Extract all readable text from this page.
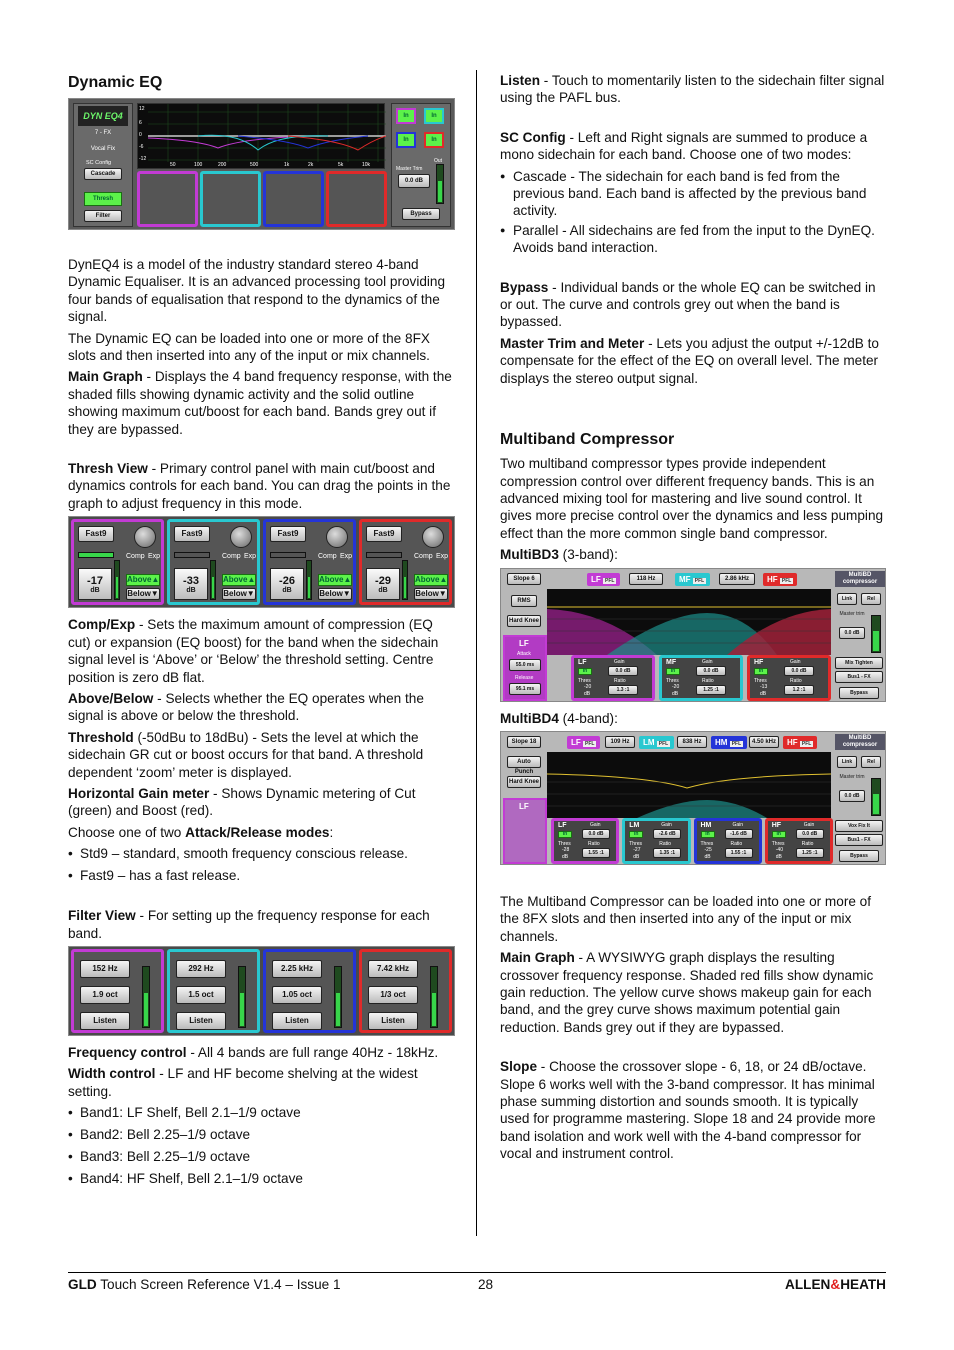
Dynamic EQ
DYN EQ4
7 - FX
Vocal Fix
SC Config
Cascade
Thresh
Filter
12
6
0
-6
-12
50	100	200	500	1k	2k	5k	10k
In	In
In	In
Out
Master Trim
0.0 dB
Bypass

DynEQ4 is a model of the industry standard stereo 4-band Dynamic Equaliser. It is an advanced processing tool providing four bands of equalisation that respond to the dynamics of the signal.

The Dynamic EQ can be loaded into one or more of the 8FX slots and then inserted into any of the input or mix channels.

Main Graph - Displays the 4 band frequency response, with the shaded fills showing dynamic activity and the solid outline showing maximum cut/boost for each band. Bands grey out if they are bypassed.

Thresh View - Primary control panel with main cut/boost and dynamics controls for each band. You can drag the points in the graph to adjust frequency in this mode.

Fast9
Comp Exp
-17
dB
Above▲
Below▼
Fast9
Comp Exp
-33
dB
Above▲
Below▼
Fast9
Comp Exp
-26
dB
Above▲
Below▼
Fast9
Comp Exp
-29
dB
Above▲
Below▼

Comp/Exp - Sets the maximum amount of compression (EQ cut) or expansion (EQ boost) for the band when the sidechain signal level is ‘Above’ or ‘Below’ the threshold setting. Centre position is zero dB flat.

Above/Below - Selects whether the EQ operates when the signal is above or below the threshold.

Threshold (-50dBu to 18dBu) - Sets the level at which the sidechain GR cut or boost occurs for that band. A threshold dependent ‘zoom’ meter is displayed.

Horizontal Gain meter - Shows Dynamic metering of Cut (green) and Boost (red).

Choose one of two Attack/Release modes:

• Std9 – standard, smooth frequency conscious release.
• Fast9 – has a fast release.

Filter View - For setting up the frequency response for each band.

152 Hz
1.9 oct
Listen
292 Hz
1.5 oct
Listen
2.25 kHz
1.05 oct
Listen
7.42 kHz
1/3 oct
Listen

Frequency control - All 4 bands are full range 40Hz - 18kHz.

Width control - LF and HF become shelving at the widest setting.

• Band1: LF Shelf, Bell 2.1–1/9 octave
• Band2: Bell 2.25–1/9 octave
• Band3: Bell 2.25–1/9 octave
• Band4: HF Shelf, Bell 2.1–1/9 octave

Listen - Touch to momentarily listen to the sidechain filter signal using the PAFL bus.

SC Config - Left and Right signals are summed to produce a mono sidechain for each band. Choose one of two modes:

● Cascade - The sidechain for each band is fed from the previous band. Each band is affected by the previous band activity.
● Parallel - All sidechains are fed from the input to the DynEQ. Avoids band interaction.

Bypass - Individual bands or the whole EQ can be switched in or out. The curve and controls grey out when the band is bypassed.

Master Trim and Meter - Lets you adjust the output +/-12dB to compensate for the effect of the EQ on overall level. The meter displays the stereo output signal.

Multiband Compressor

Two multiband compressor types provide independent compression control over different frequency bands. This is an advanced mixing tool for mastering and live sound control. It gives more precise control over the dynamics and less pumping effect than the more common single band compressor.

MultiBD3 (3-band):

Slope 6
RMS
Hard Knee
LF PFL	118 Hz	MF PFL	2.86 kHz	HF PFL
LF
Attack
55.0 ms
Release
95.1 ms
LF
In
Thres
-20
dB
Gain
0.0 dB
Ratio
1.3 :1
MF
In
Thres
-20
dB
Gain
0.0 dB
Ratio
1.25 :1
HF
In
Thres
-13
dB
Gain
0.0 dB
Ratio
1.2 :1
MultiBD compressor
Link	Rel
Master trim
0.0 dB
Mix Tighten
Bus1 - FX
Bypass

MultiBD4 (4-band):

Slope 18
Auto Punch
Hard Knee
LF PFL	109 Hz	LM PFL	838 Hz	HM PFL	4.50 kHz	HF PFL
LF
LF
In
Thres
-28
dB
Gain
0.0 dB
Ratio
1.55 :1
LM
In
Thres
-27
dB
Gain
-2.6 dB
Ratio
1.35 :1
HM
In
Thres
-25
dB
Gain
-1.6 dB
Ratio
1.55 :1
HF
In
Thres
-40
dB
Gain
0.0 dB
Ratio
1.25 :1
MultiBD compressor
Link	Rel
Master trim
0.0 dB
Vox Fix It
Bus1 - FX
Bypass

The Multiband Compressor can be loaded into one or more of the 8FX slots and then inserted into any of the input or mix channels.

Main Graph - A WYSIWYG graph displays the resulting crossover frequency response. Shaded red fills show dynamic gain reduction. The yellow curve shows makeup gain for each band, and the grey curve shows maximum potential gain reduction. Bands grey out if they are bypassed.

Slope - Choose the crossover slope - 6, 18, or 24 dB/octave. Slope 6 works well with the 3-band compressor. It has minimal phase summing distortion and sounds smooth. It is typically used for programme mastering. Slope 18 and 24 provide more band isolation and work well with the 4-band compressor for vocal and instrument control.

GLD Touch Screen Reference V1.4 – Issue 1	28	ALLEN&HEATH
